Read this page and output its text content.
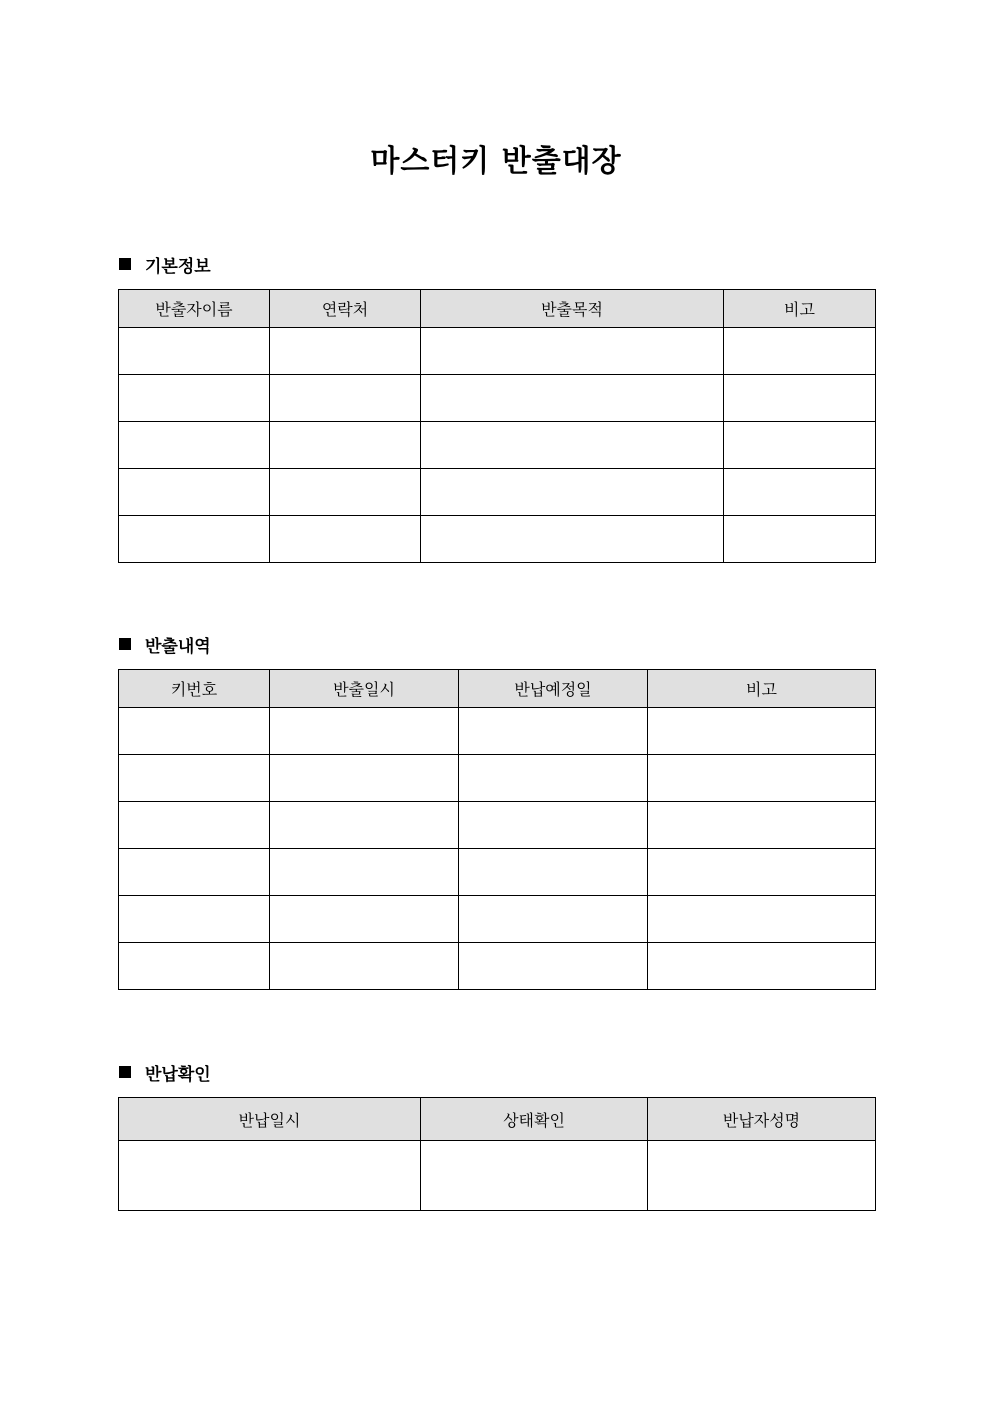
마스터키 반출대장
기본정보
반출자이름	연락처	반출목적	비고

반출내역
키번호	반출일시	반납예정일	비고

반납확인
반납일시	상태확인	반납자성명
